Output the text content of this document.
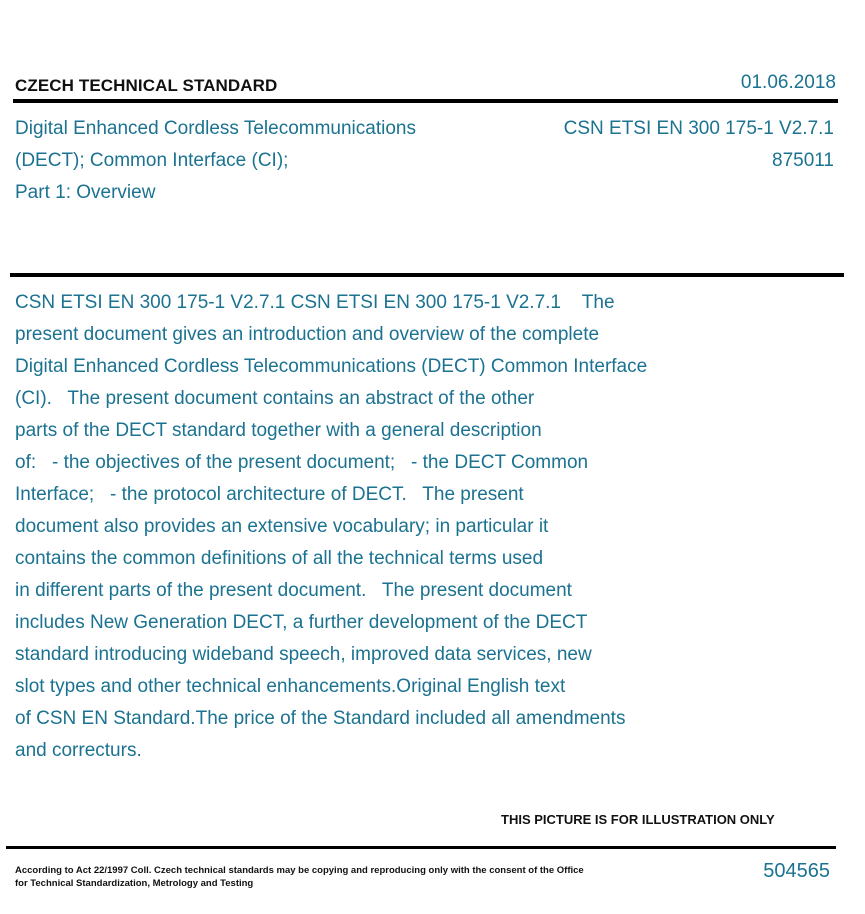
CZECH TECHNICAL STANDARD	01.06.2018
Digital Enhanced Cordless Telecommunications
(DECT); Common Interface (CI);
Part 1: Overview
CSN ETSI EN 300 175-1 V2.7.1
875011
CSN ETSI EN 300 175-1 V2.7.1 CSN ETSI EN 300 175-1 V2.7.1    The
present document gives an introduction and overview of the complete
Digital Enhanced Cordless Telecommunications (DECT) Common Interface
(CI).   The present document contains an abstract of the other
parts of the DECT standard together with a general description
of:   - the objectives of the present document;   - the DECT Common
Interface;   - the protocol architecture of DECT.   The present
document also provides an extensive vocabulary; in particular it
contains the common definitions of all the technical terms used
in different parts of the present document.   The present document
includes New Generation DECT, a further development of the DECT
standard introducing wideband speech, improved data services, new
slot types and other technical enhancements.Original English text
of CSN EN Standard.The price of the Standard included all amendments
and correcturs.
THIS PICTURE IS FOR ILLUSTRATION ONLY
According to Act 22/1997 Coll. Czech technical standards may be copying and reproducing only with the consent of the Office
for Technical Standardization, Metrology and Testing
504565
